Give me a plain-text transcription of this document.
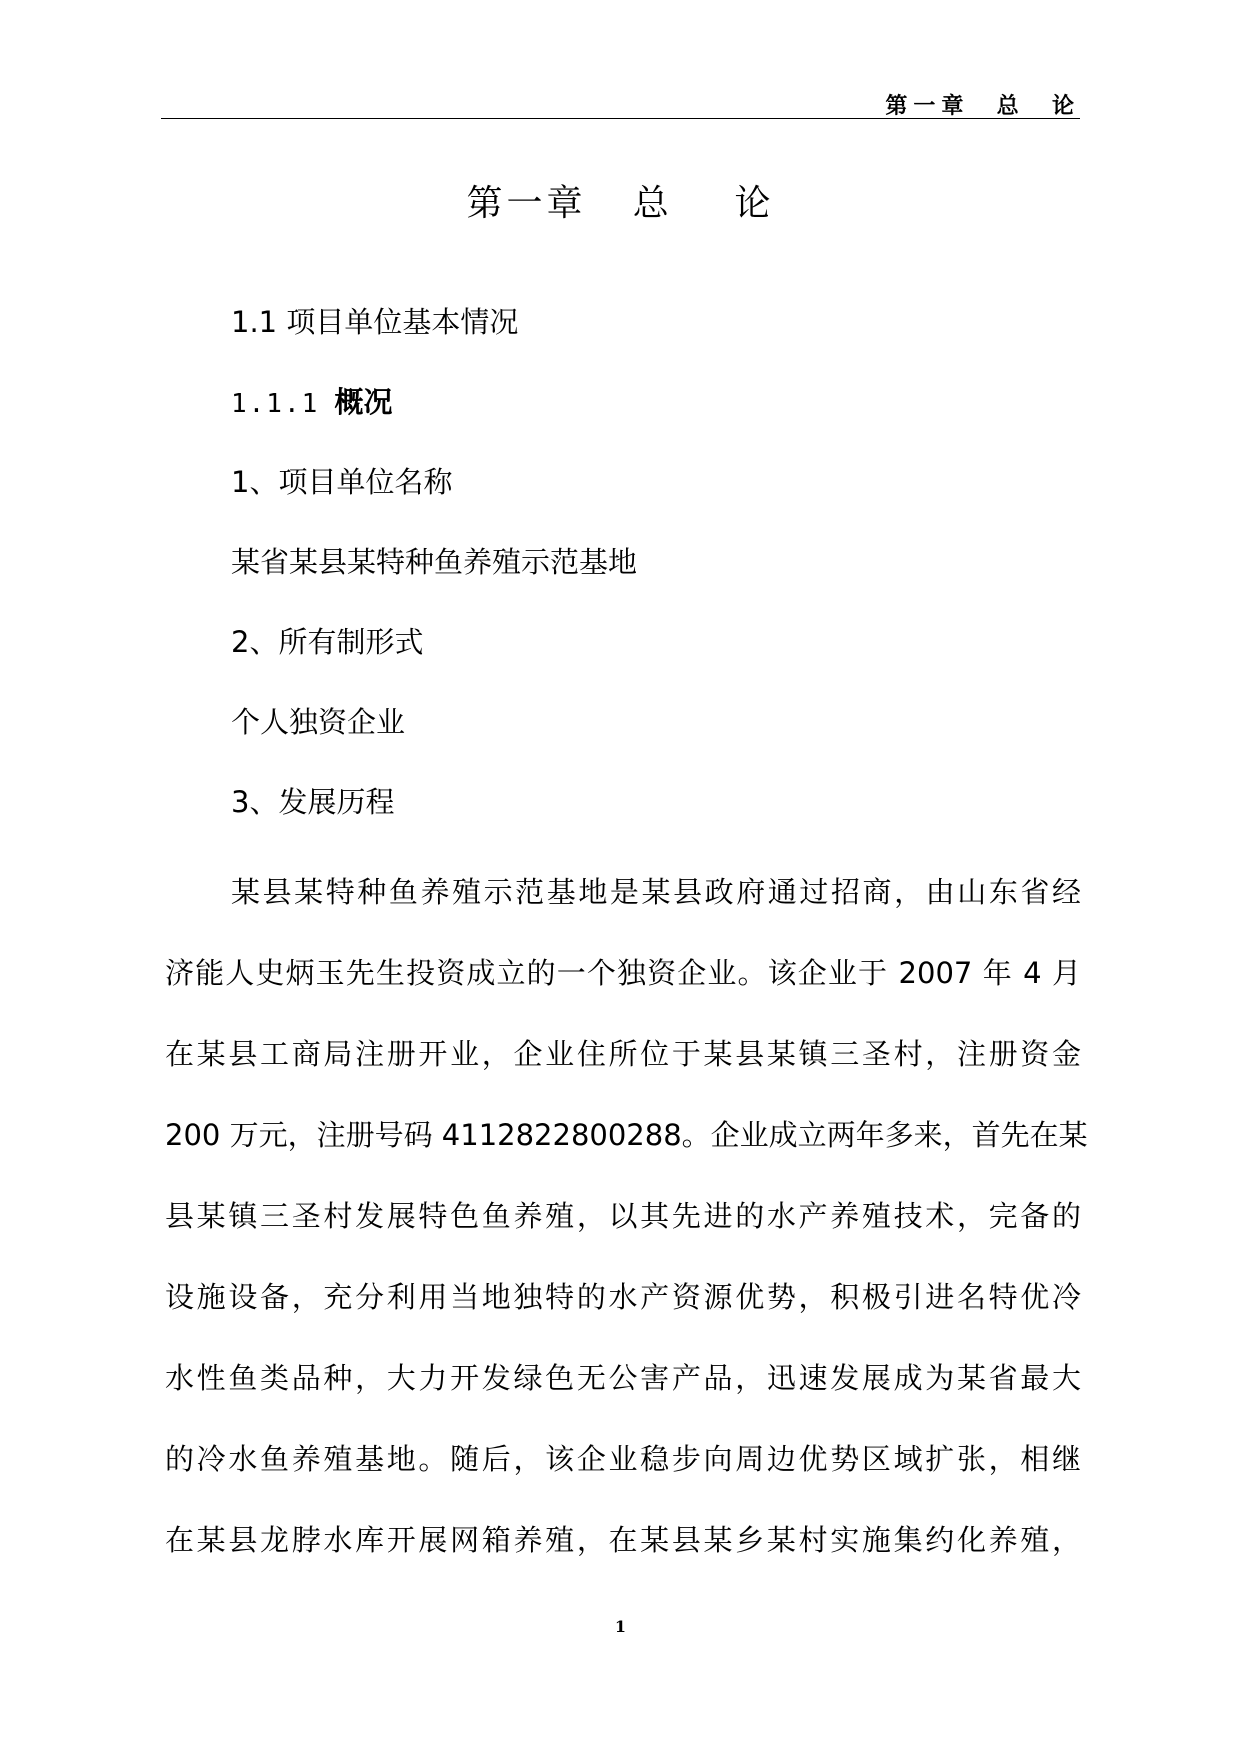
第一章  总  论
第一章   总    论
1.1 项目单位基本情况
1.1.1 概况
1、项目单位名称
某省某县某特种鱼养殖示范基地
2、所有制形式
个人独资企业
3、发展历程
某县某特种鱼养殖示范基地是某县政府通过招商，由山东省经
济能人史炳玉先生投资成立的一个独资企业。该企业于 2007 年 4 月
在某县工商局注册开业，企业住所位于某县某镇三圣村，注册资金
200 万元，注册号码 4112822800288。企业成立两年多来，首先在某
县某镇三圣村发展特色鱼养殖，以其先进的水产养殖技术，完备的
设施设备，充分利用当地独特的水产资源优势，积极引进名特优冷
水性鱼类品种，大力开发绿色无公害产品，迅速发展成为某省最大
的冷水鱼养殖基地。随后，该企业稳步向周边优势区域扩张，相继
在某县龙脖水库开展网箱养殖，在某县某乡某村实施集约化养殖，
1
